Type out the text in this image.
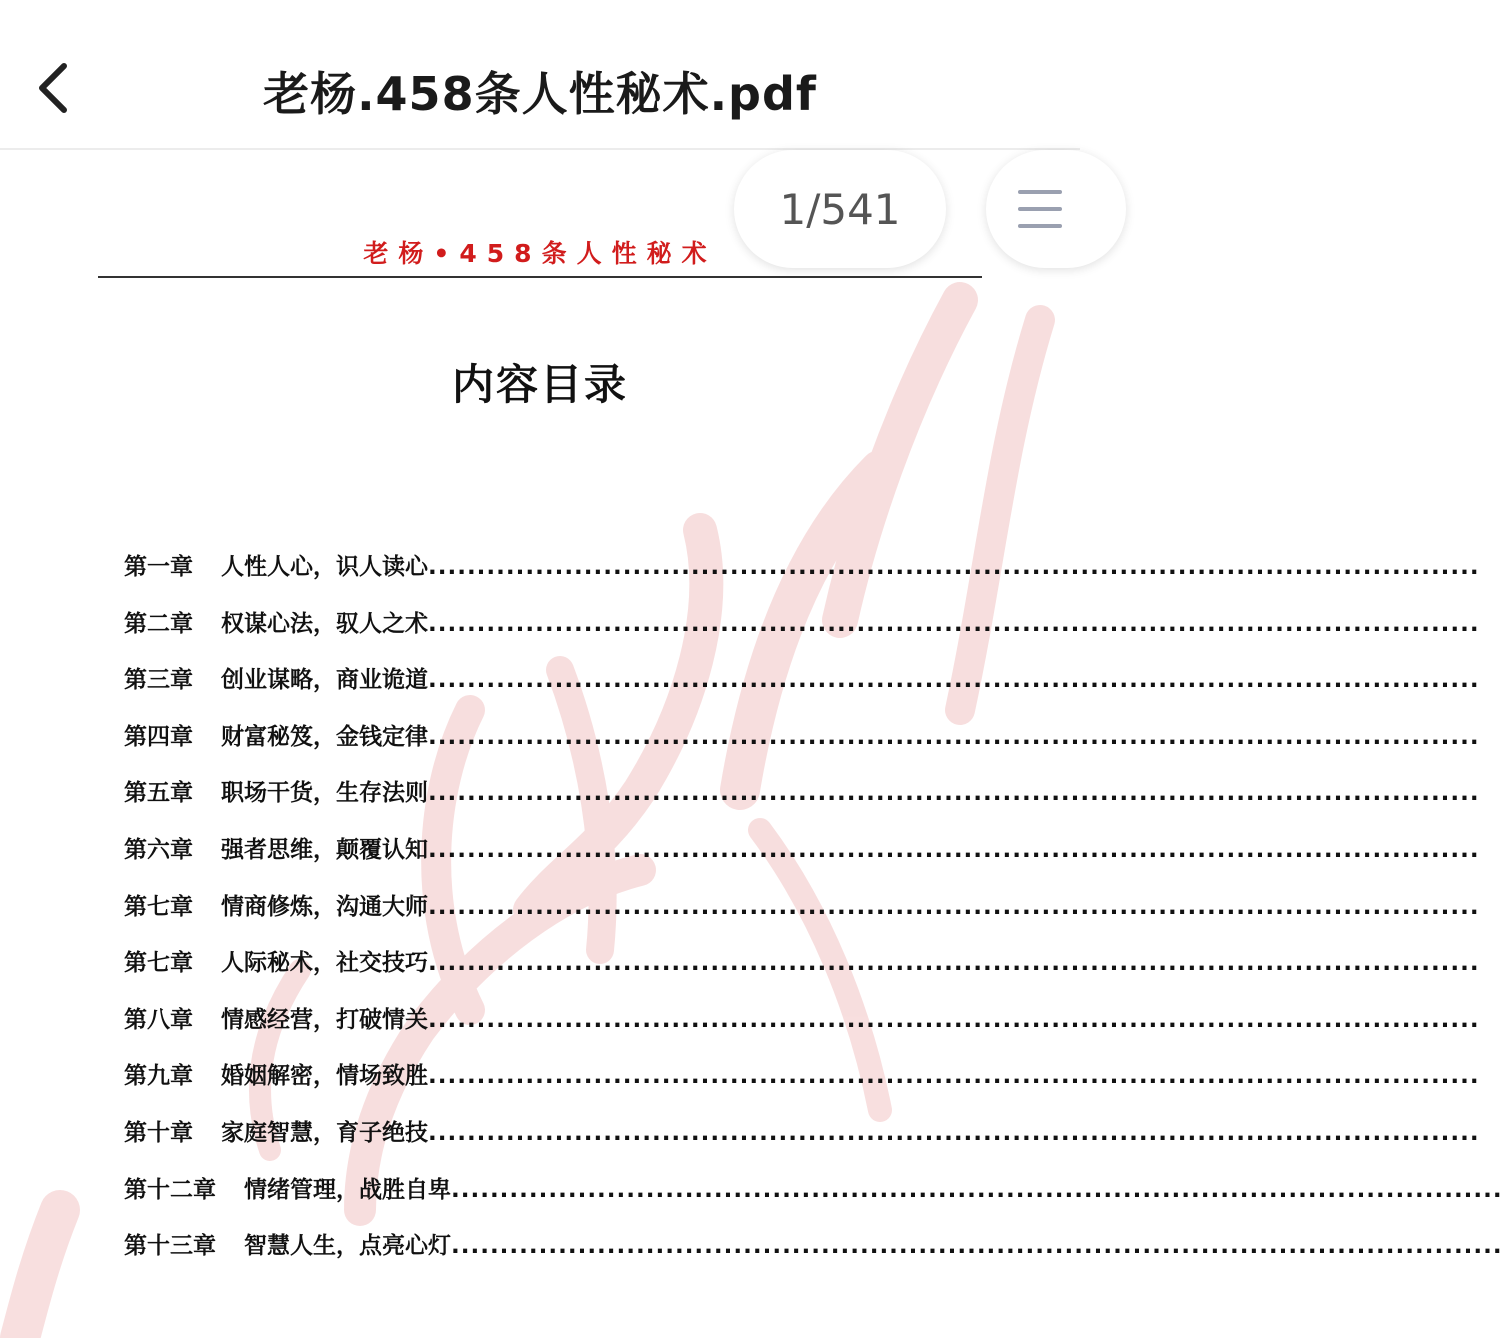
老杨.458条人性秘术.pdf
老杨•458条人性秘术
内容目录
第一章 人性人心，识人读心 ............................................................................................................
第二章 权谋心法，驭人之术 ............................................................................................................
第三章 创业谋略，商业诡道 ............................................................................................................
第四章 财富秘笈，金钱定律 ............................................................................................................
第五章 职场干货，生存法则 ............................................................................................................
第六章 强者思维，颠覆认知 ............................................................................................................
第七章 情商修炼，沟通大师 ............................................................................................................
第七章 人际秘术，社交技巧 ............................................................................................................
第八章 情感经营，打破情关 ............................................................................................................
第九章 婚姻解密，情场致胜 ............................................................................................................
第十章 家庭智慧，育子绝技 ............................................................................................................
第十二章 情绪管理，战胜自卑 ............................................................................................................
第十三章 智慧人生，点亮心灯 ............................................................................................................
1/541
